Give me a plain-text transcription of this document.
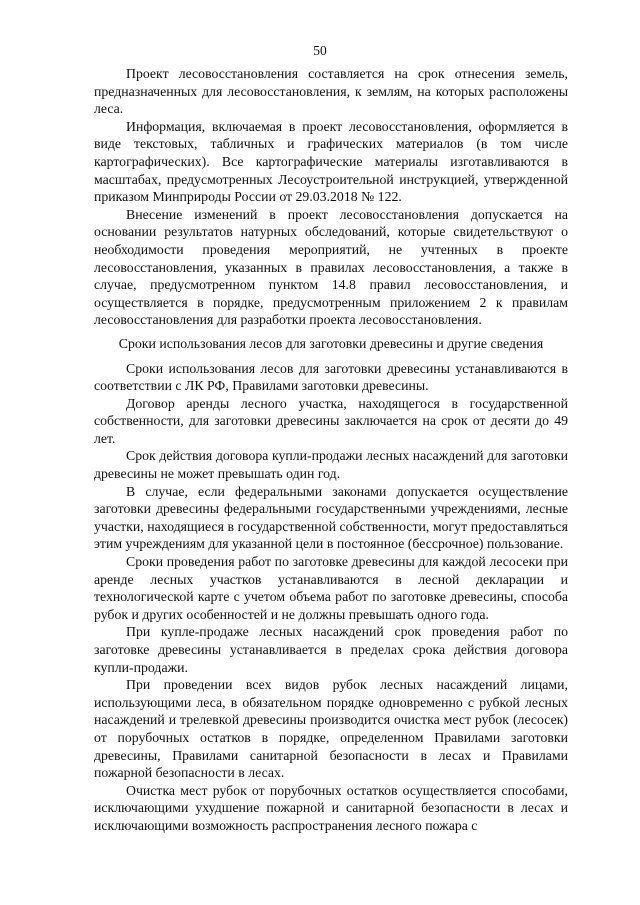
50

Проект лесовосстановления составляется на срок отнесения земель, предназначенных для лесовосстановления, к землям, на которых расположены леса.

Информация, включаемая в проект лесовосстановления, оформляется в виде текстовых, табличных и графических материалов (в том числе картографических). Все картографические материалы изготавливаются в масштабах, предусмотренных Лесоустроительной инструкцией, утвержденной приказом Минприроды России от 29.03.2018 № 122.

Внесение изменений в проект лесовосстановления допускается на основании результатов натурных обследований, которые свидетельствуют о необходимости проведения мероприятий, не учтенных в проекте лесовосстановления, указанных в правилах лесовосстановления, а также в случае, предусмотренном пунктом 14.8 правил лесовосстановления, и осуществляется в порядке, предусмотренным приложением 2 к правилам лесовосстановления для разработки проекта лесовосстановления.

Сроки использования лесов для заготовки древесины и другие сведения

Сроки использования лесов для заготовки древесины устанавливаются в соответствии с ЛК РФ, Правилами заготовки древесины.

Договор аренды лесного участка, находящегося в государственной собственности, для заготовки древесины заключается на срок от десяти до 49 лет.

Срок действия договора купли-продажи лесных насаждений для заготовки древесины не может превышать один год.

В случае, если федеральными законами допускается осуществление заготовки древесины федеральными государственными учреждениями, лесные участки, находящиеся в государственной собственности, могут предоставляться этим учреждениям для указанной цели в постоянное (бессрочное) пользование.

Сроки проведения работ по заготовке древесины для каждой лесосеки при аренде лесных участков устанавливаются в лесной декларации и технологической карте с учетом объема работ по заготовке древесины, способа рубок и других особенностей и не должны превышать одного года.

При купле-продаже лесных насаждений срок проведения работ по заготовке древесины устанавливается в пределах срока действия договора купли-продажи.

При проведении всех видов рубок лесных насаждений лицами, использующими леса, в обязательном порядке одновременно с рубкой лесных насаждений и трелевкой древесины производится очистка мест рубок (лесосек) от порубочных остатков в порядке, определенном Правилами заготовки древесины, Правилами санитарной безопасности в лесах и Правилами пожарной безопасности в лесах.

Очистка мест рубок от порубочных остатков осуществляется способами, исключающими ухудшение пожарной и санитарной безопасности в лесах и исключающими возможность распространения лесного пожара с
